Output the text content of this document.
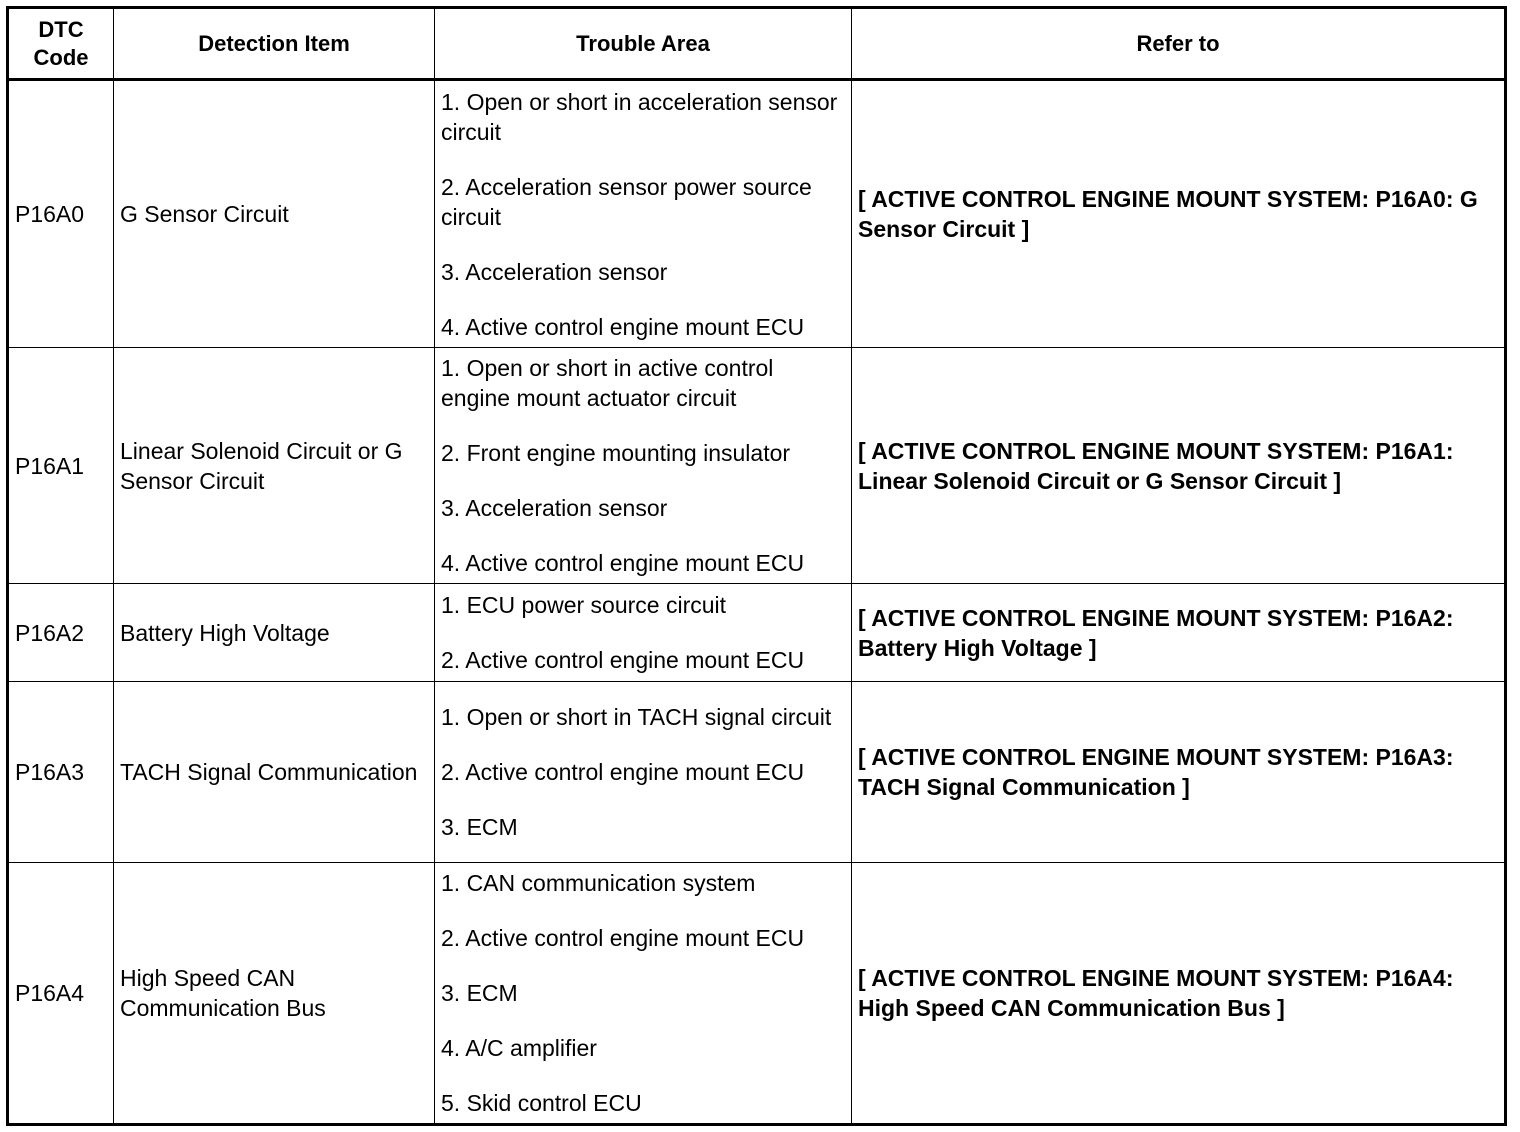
DTC Code	Detection Item	Trouble Area	Refer to
P16A0	G Sensor Circuit	1. Open or short in acceleration sensor circuit
2. Acceleration sensor power source circuit
3. Acceleration sensor
4. Active control engine mount ECU	[ ACTIVE CONTROL ENGINE MOUNT SYSTEM: P16A0: G Sensor Circuit ]
P16A1	Linear Solenoid Circuit or G Sensor Circuit	1. Open or short in active control engine mount actuator circuit
2. Front engine mounting insulator
3. Acceleration sensor
4. Active control engine mount ECU	[ ACTIVE CONTROL ENGINE MOUNT SYSTEM: P16A1: Linear Solenoid Circuit or G Sensor Circuit ]
P16A2	Battery High Voltage	1. ECU power source circuit
2. Active control engine mount ECU	[ ACTIVE CONTROL ENGINE MOUNT SYSTEM: P16A2: Battery High Voltage ]
P16A3	TACH Signal Communication	1. Open or short in TACH signal circuit
2. Active control engine mount ECU
3. ECM	[ ACTIVE CONTROL ENGINE MOUNT SYSTEM: P16A3: TACH Signal Communication ]
P16A4	High Speed CAN Communication Bus	1. CAN communication system
2. Active control engine mount ECU
3. ECM
4. A/C amplifier
5. Skid control ECU	[ ACTIVE CONTROL ENGINE MOUNT SYSTEM: P16A4: High Speed CAN Communication Bus ]
